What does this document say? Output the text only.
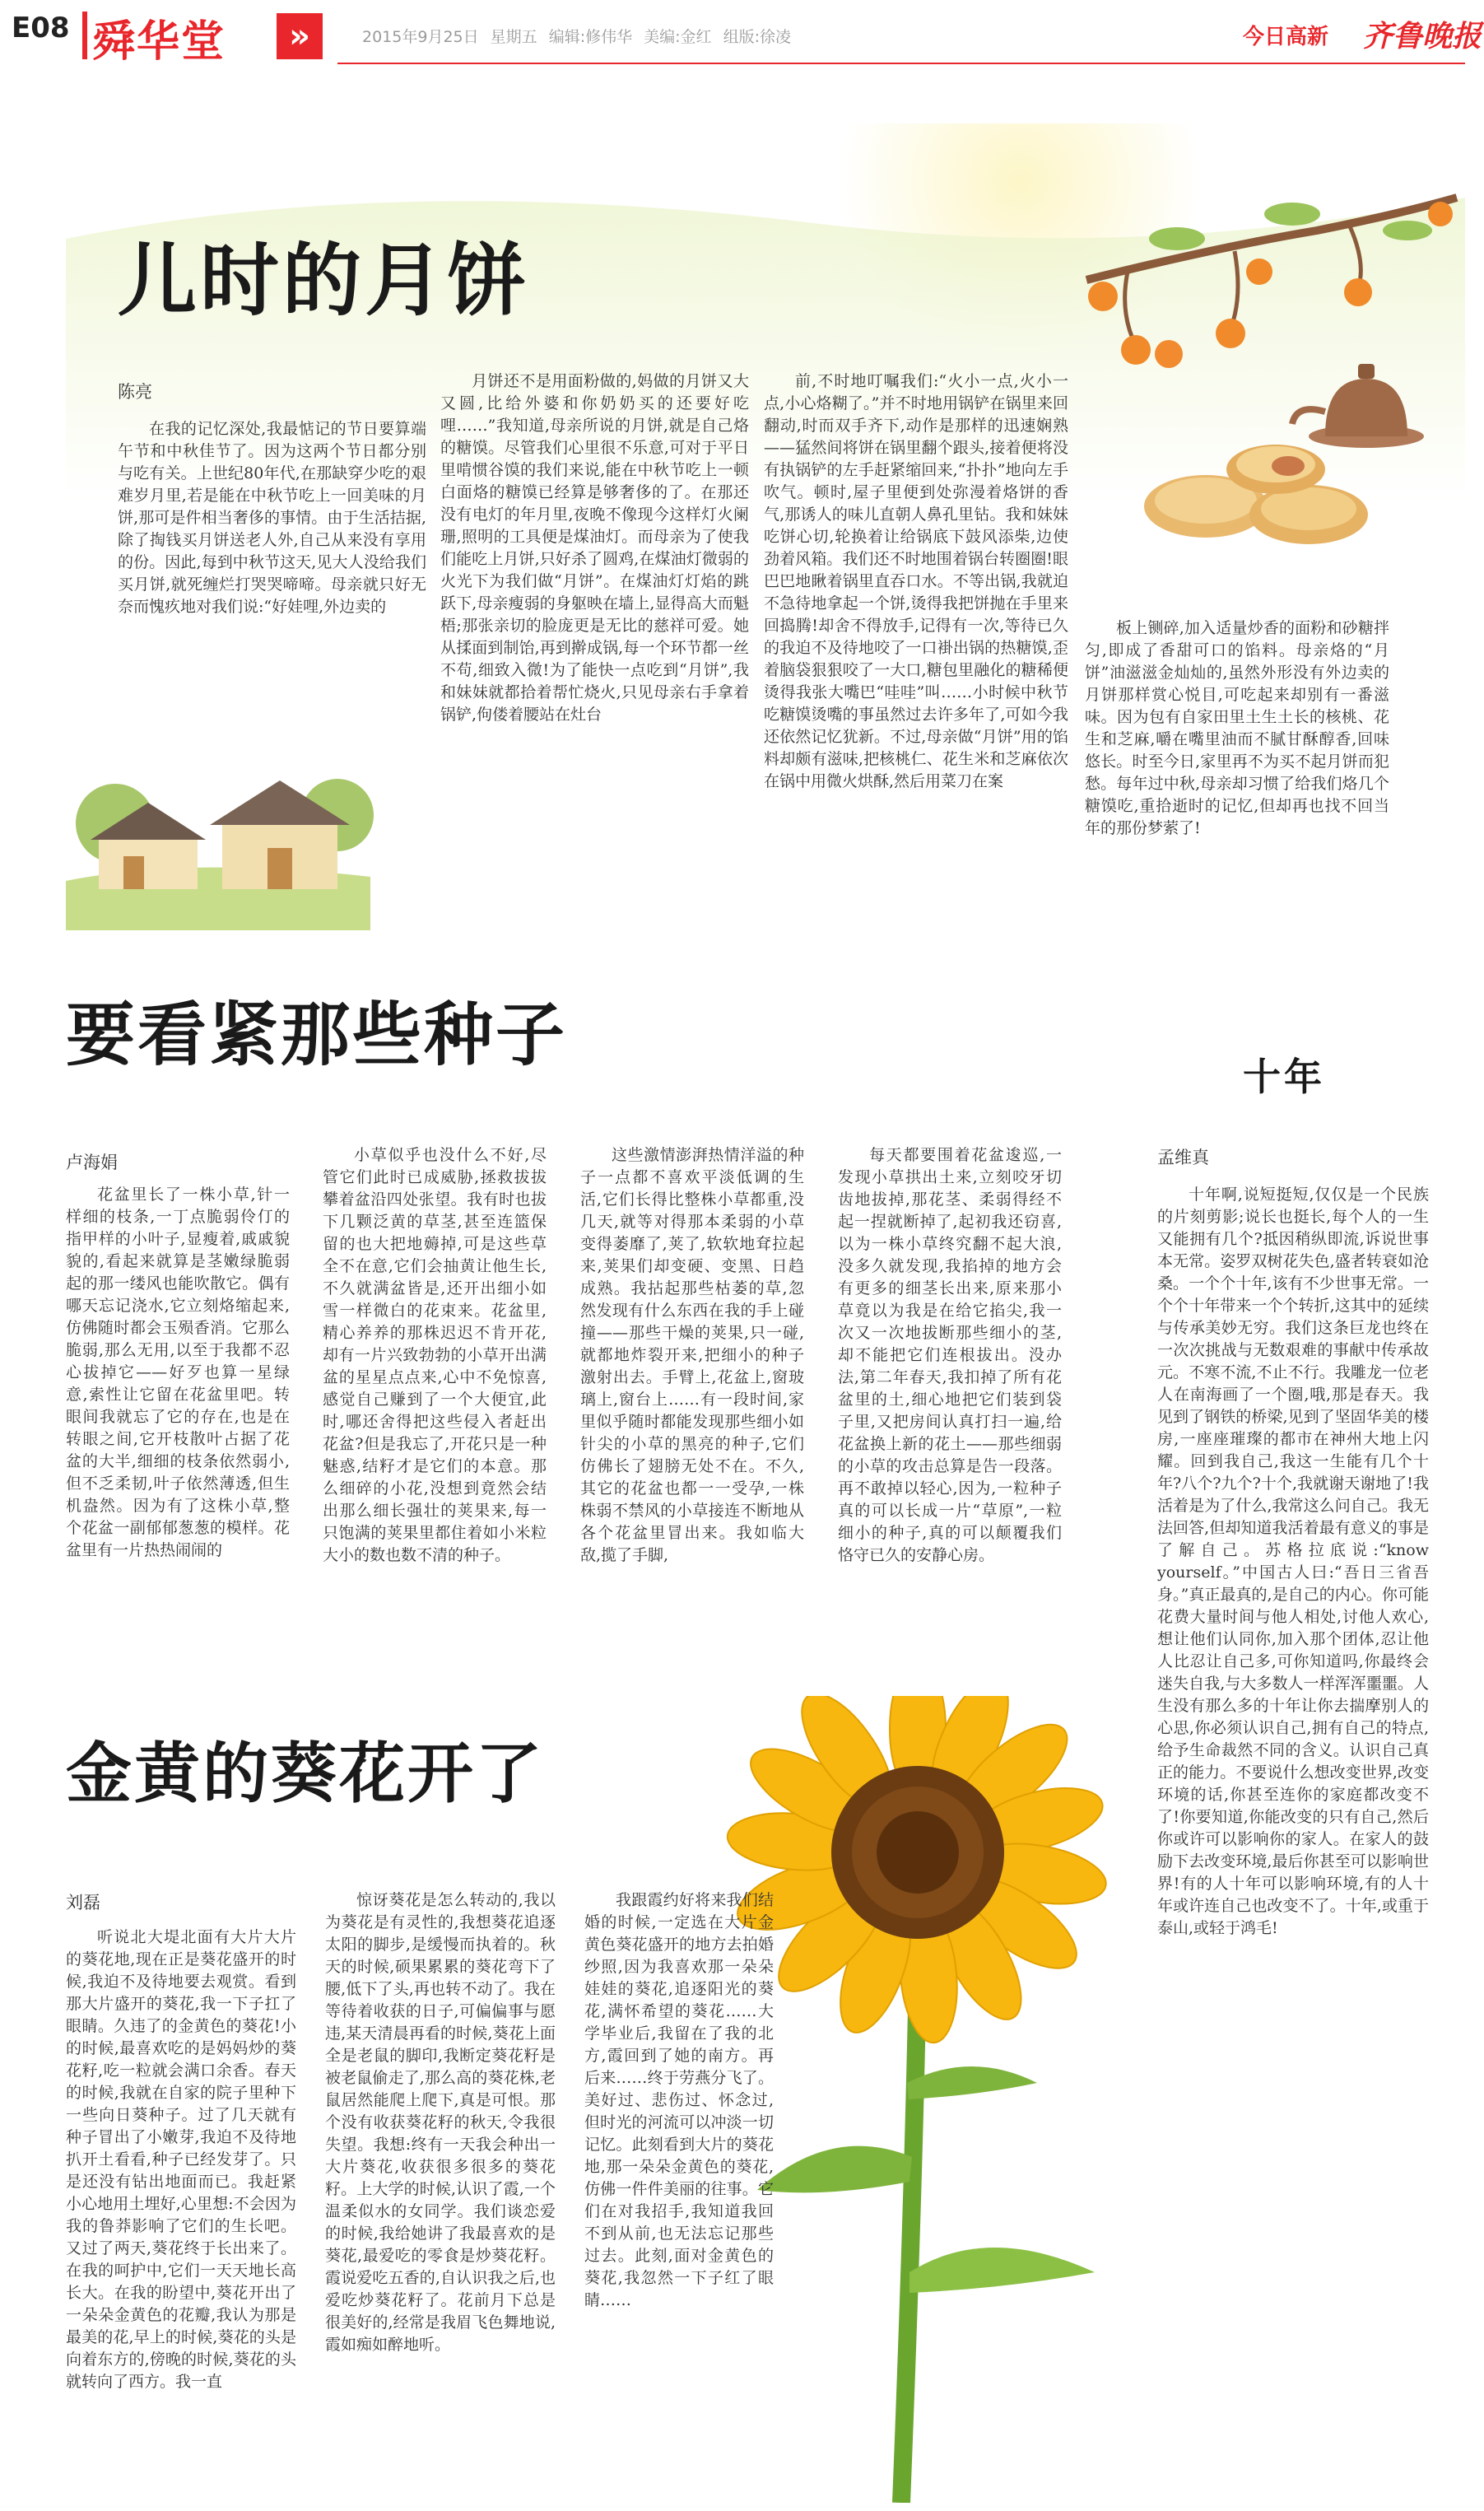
E08 舜华堂	»	2015年9月25日 星期五 编辑:修伟华 美编:金红 组版:徐凌	今日高新 齐鲁晚报
儿时的月饼
陈亮

在我的记忆深处,我最惦记的节日要算端午节和中秋佳节了。因为这两个节日都分别与吃有关。上世纪80年代,在那缺穿少吃的艰难岁月里,若是能在中秋节吃上一回美味的月饼,那可是件相当奢侈的事情。由于生活拮据,除了掏钱买月饼送老人外,自己从来没有享用的份。因此,每到中秋节这天,见大人没给我们买月饼,就死缠烂打哭哭啼啼。母亲就只好无奈而愧疚地对我们说:“好娃哩,外边卖的

月饼还不是用面粉做的,妈做的月饼又大又圆,比给外婆和你奶奶买的还要好吃哩……”我知道,母亲所说的月饼,就是自己烙的糖馍。尽管我们心里很不乐意,可对于平日里啃惯谷馍的我们来说,能在中秋节吃上一顿白面烙的糖馍已经算是够奢侈的了。在那还没有电灯的年月里,夜晚不像现今这样灯火阑珊,照明的工具便是煤油灯。而母亲为了使我们能吃上月饼,只好杀了圆鸡,在煤油灯微弱的火光下为我们做“月饼”。在煤油灯灯焰的跳跃下,母亲瘦弱的身躯映在墙上,显得高大而魁梧;那张亲切的脸庞更是无比的慈祥可爱。她从揉面到制饴,再到擀成锅,每一个环节都一丝不苟,细致入微!为了能快一点吃到“月饼”,我和妹妹就都拾着帮忙烧火,只见母亲右手拿着锅铲,佝偻着腰站在灶台

前,不时地叮嘱我们:“火小一点,火小一点,小心烙糊了。”并不时地用锅铲在锅里来回翻动,时而双手齐下,动作是那样的迅速娴熟——猛然间将饼在锅里翻个跟头,接着便将没有执锅铲的左手赶紧缩回来,“扑扑”地向左手吹气。顿时,屋子里便到处弥漫着烙饼的香气,那诱人的味儿直朝人鼻孔里钻。我和妹妹吃饼心切,轮换着让给锅底下鼓风添柴,边使劲着风箱。我们还不时地围着锅台转圈圈!眼巴巴地瞅着锅里直吞口水。不等出锅,我就迫不急待地拿起一个饼,烫得我把饼抛在手里来回捣腾!却舍不得放手,记得有一次,等待已久的我迫不及待地咬了一口褂出锅的热糖馍,歪着脑袋狠狠咬了一大口,糖包里融化的糖稀便烫得我张大嘴巴“哇哇”叫……小时候中秋节吃糖馍烫嘴的事虽然过去许多年了,可如今我还依然记忆犹新。不过,母亲做“月饼”用的馅料却颇有滋味,把核桃仁、花生米和芝麻依次在锅中用微火烘酥,然后用菜刀在案

板上铡碎,加入适量炒香的面粉和砂糖拌匀,即成了香甜可口的馅料。母亲烙的“月饼”油滋滋金灿灿的,虽然外形没有外边卖的月饼那样赏心悦目,可吃起来却别有一番滋味。因为包有自家田里土生土长的核桃、花生和芝麻,嚼在嘴里油而不腻甘酥醇香,回味悠长。时至今日,家里再不为买不起月饼而犯愁。每年过中秋,母亲却习惯了给我们烙几个糖馍吃,重拾逝时的记忆,但却再也找不回当年的那份梦萦了!

要看紧那些种子
卢海娟

花盆里长了一株小草,针一样细的枝条,一丁点脆弱伶仃的指甲样的小叶子,显瘦着,戚戚貌貌的,看起来就算是茎嫩绿脆弱起的那一缕风也能吹散它。偶有哪天忘记浇水,它立刻烙缩起来,仿佛随时都会玉殒香消。它那么脆弱,那么无用,以至于我都不忍心拔掉它——好歹也算一星绿意,索性让它留在花盆里吧。转眼间我就忘了它的存在,也是在转眼之间,它开枝散叶占据了花盆的大半,细细的枝条依然弱小,但不乏柔韧,叶子依然薄透,但生机盎然。因为有了这株小草,整个花盆一副郁郁葱葱的模样。花盆里有一片热热闹闹的

小草似乎也没什么不好,尽管它们此时已成威胁,拯救拔拔攀着盆沿四处张望。我有时也拔下几颗泛黄的草茎,甚至连篮保留的也大把地薅掉,可是这些草全不在意,它们会抽黄让他生长,不久就满盆皆是,还开出细小如雪一样微白的花束来。花盆里,精心养养的那株迟迟不肯开花,却有一片兴致勃勃的小草开出满盆的星星点点来,心中不免惊喜,感觉自己赚到了一个大便宜,此时,哪还舍得把这些侵入者赶出花盆?但是我忘了,开花只是一种魅惑,结籽才是它们的本意。那么细碎的小花,没想到竟然会结出那么细长强壮的荚果来,每一只饱满的荚果里都住着如小米粒大小的数也数不清的种子。

这些激情澎湃热情洋溢的种子一点都不喜欢平淡低调的生活,它们长得比整株小草都重,没几天,就等对得那本柔弱的小草变得萎靡了,荚了,软软地耷拉起来,荚果们却变硬、变黑、日趋成熟。我拈起那些枯萎的草,忽然发现有什么东西在我的手上碰撞——那些干燥的荚果,只一碰,就都地炸裂开来,把细小的种子激射出去。手臂上,花盆上,窗玻璃上,窗台上……有一段时间,家里似乎随时都能发现那些细小如针尖的小草的黑亮的种子,它们仿佛长了翅膀无处不在。不久,其它的花盆也都一一受孕,一株株弱不禁风的小草接连不断地从各个花盆里冒出来。我如临大敌,揽了手脚,

每天都要围着花盆逡巡,一发现小草拱出土来,立刻咬牙切齿地拔掉,那花茎、柔弱得经不起一捏就断掉了,起初我还窃喜,以为一株小草终究翻不起大浪,没多久就发现,我掐掉的地方会有更多的细茎长出来,原来那小草竟以为我是在给它掐尖,我一次又一次地拔断那些细小的茎,却不能把它们连根拔出。没办法,第二年春天,我扣掉了所有花盆里的土,细心地把它们装到袋子里,又把房间认真打扫一遍,给花盆换上新的花土——那些细弱的小草的攻击总算是告一段落。再不敢掉以轻心,因为,一粒种子真的可以长成一片“草原”,一粒细小的种子,真的可以颠覆我们恪守已久的安静心房。

十年
孟维真

十年啊,说短挺短,仅仅是一个民族的片刻剪影;说长也挺长,每个人的一生又能拥有几个?抵因稍纵即流,诉说世事本无常。姿罗双树花失色,盛者转衰如沧桑。一个个十年,该有不少世事无常。一个个十年带来一个个转折,这其中的延续与传承美妙无穷。我们这条巨龙也终在一次次挑战与无数艰难的事献中传承故元。不寒不流,不止不行。我雕龙一位老人在南海画了一个圈,哦,那是春天。我见到了钢铁的桥梁,见到了坚固华美的楼房,一座座璀璨的都市在神州大地上闪耀。回到我自己,我这一生能有几个十年?八个?九个?十个,我就谢天谢地了!我活着是为了什么,我常这么问自己。我无法回答,但却知道我活着最有意义的事是了解自己。苏格拉底说:“know yourself。”中国古人曰:“吾日三省吾身。”真正最真的,是自己的内心。你可能花费大量时间与他人相处,讨他人欢心,想让他们认同你,加入那个团体,忍让他人比忍让自己多,可你知道吗,你最终会迷失自我,与大多数人一样浑浑噩噩。人生没有那么多的十年让你去揣摩别人的心思,你必须认识自己,拥有自己的特点,给予生命裁然不同的含义。认识自己真正的能力。不要说什么想改变世界,改变环境的话,你甚至连你的家庭都改变不了!你要知道,你能改变的只有自己,然后你或许可以影响你的家人。在家人的鼓励下去改变环境,最后你甚至可以影响世界!有的人十年可以影响环境,有的人十年或许连自己也改变不了。十年,或重于泰山,或轻于鸿毛!

金黄的葵花开了
刘磊

听说北大堤北面有大片大片的葵花地,现在正是葵花盛开的时候,我迫不及待地要去观赏。看到那大片盛开的葵花,我一下子扛了眼睛。久违了的金黄色的葵花!小的时候,最喜欢吃的是妈妈炒的葵花籽,吃一粒就会满口余香。春天的时候,我就在自家的院子里种下一些向日葵种子。过了几天就有种子冒出了小嫩芽,我迫不及待地扒开土看看,种子已经发芽了。只是还没有钻出地面而已。我赶紧小心地用土埋好,心里想:不会因为我的鲁莽影响了它们的生长吧。又过了两天,葵花终于长出来了。在我的呵护中,它们一天天地长高长大。在我的盼望中,葵花开出了一朵朵金黄色的花瓣,我认为那是最美的花,早上的时候,葵花的头是向着东方的,傍晚的时候,葵花的头就转向了西方。我一直

惊讶葵花是怎么转动的,我以为葵花是有灵性的,我想葵花追逐太阳的脚步,是缓慢而执着的。秋天的时候,硕果累累的葵花弯下了腰,低下了头,再也转不动了。我在等待着收获的日子,可偏偏事与愿违,某天清晨再看的时候,葵花上面全是老鼠的脚印,我断定葵花籽是被老鼠偷走了,那么高的葵花株,老鼠居然能爬上爬下,真是可恨。那个没有收获葵花籽的秋天,令我很失望。我想:终有一天我会种出一大片葵花,收获很多很多的葵花籽。上大学的时候,认识了霞,一个温柔似水的女同学。我们谈恋爱的时候,我给她讲了我最喜欢的是葵花,最爱吃的零食是炒葵花籽。霞说爱吃五香的,自认识我之后,也爱吃炒葵花籽了。花前月下总是很美好的,经常是我眉飞色舞地说,霞如痴如醉地听。

我跟霞约好将来我们结婚的时候,一定选在大片金黄色葵花盛开的地方去拍婚纱照,因为我喜欢那一朵朵娃娃的葵花,追逐阳光的葵花,满怀希望的葵花……大学毕业后,我留在了我的北方,霞回到了她的南方。再后来……终于劳燕分飞了。美好过、悲伤过、怀念过,但时光的河流可以冲淡一切记忆。此刻看到大片的葵花地,那一朵朵金黄色的葵花,仿佛一件件美丽的往事。它们在对我招手,我知道我回不到从前,也无法忘记那些过去。此刻,面对金黄色的葵花,我忽然一下子红了眼睛……
